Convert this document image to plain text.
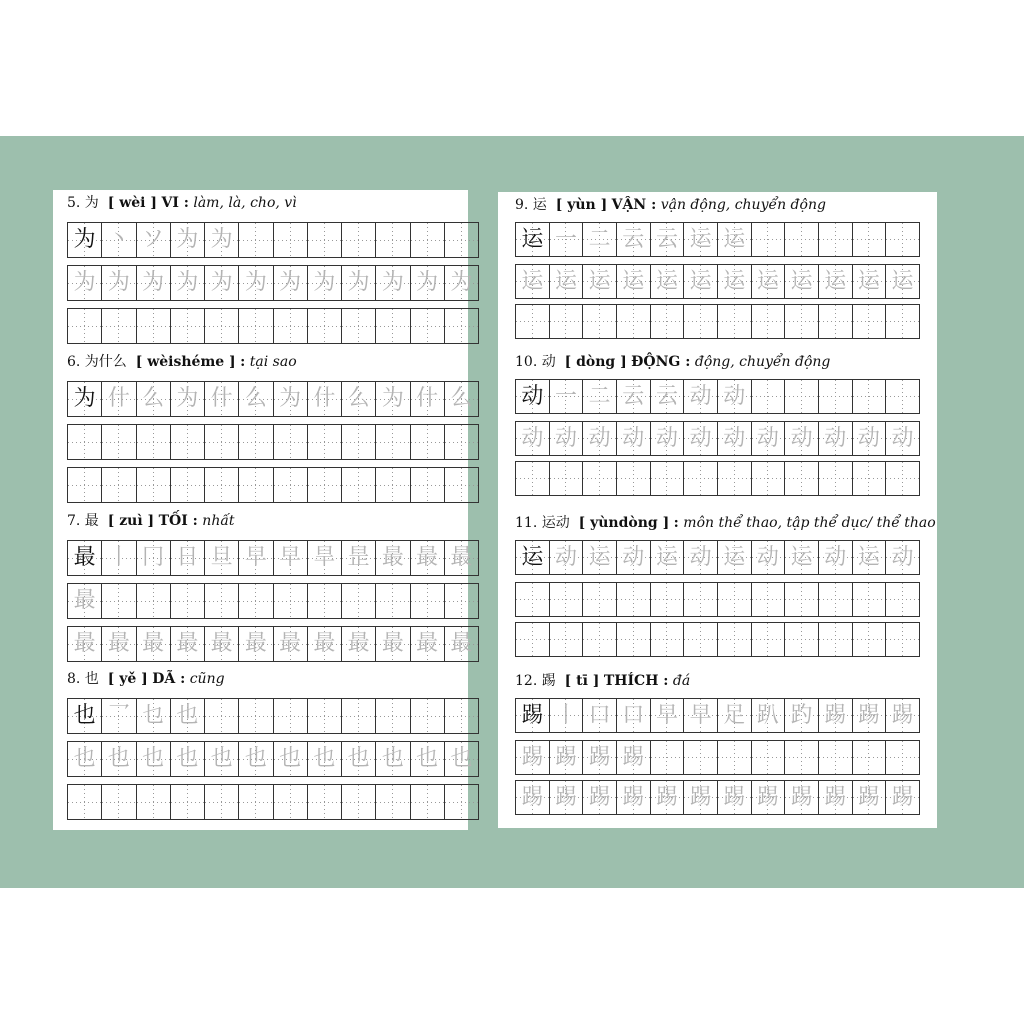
5. 为 [ wèi ] VI : làm, là, cho, vì
为 丶 ソ 为 为
为 为 为 为 为 为 为 为 为 为 为 为
6. 为什么 [ wèishéme ] : tại sao
为 什 么 为 什 么 为 什 么 为 什 么
7. 最 [ zuì ] TỐI : nhất
最 丨 冂 日 旦 早 早 旱 昰 最 最 最
最
最 最 最 最 最 最 最 最 最 最 最 最
8. 也 [ yě ] DÃ : cũng
也 乛 乜 也
也 也 也 也 也 也 也 也 也 也 也 也
9. 运 [ yùn ] VẬN : vận động, chuyển động
运 一 二 云 云 运 运
运 运 运 运 运 运 运 运 运 运 运 运
10. 动 [ dòng ] ĐỘNG : động, chuyển động
动 一 二 云 云 动 动
动 动 动 动 动 动 动 动 动 动 动 动
11. 运动 [ yùndòng ] : môn thể thao, tập thể dục/ thể thao
运 动 运 动 运 动 运 动 运 动 运 动
12. 踢 [ tī ] THÍCH : đá
踢 丨 口 口 早 早 足 趴 趵 踢 踢 踢
踢 踢 踢 踢
踢 踢 踢 踢 踢 踢 踢 踢 踢 踢 踢 踢
